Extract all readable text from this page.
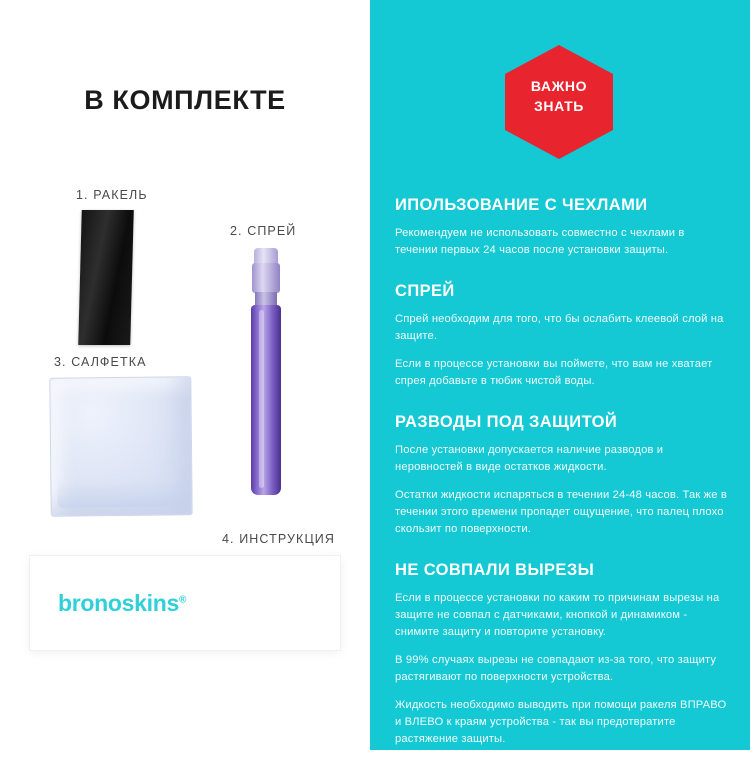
В КОМПЛЕКТЕ
1. РАКЕЛЬ
2. СПРЕЙ
3. САЛФЕТКА
4. ИНСТРУКЦИЯ
bronoskins®
ВАЖНО
ЗНАТЬ
ИПОЛЬЗОВАНИЕ С ЧЕХЛАМИ

Рекомендуем не использовать совместно с чехлами в течении первых 24 часов после установки защиты.

СПРЕЙ

Спрей необходим для того, что бы ослабить клеевой слой на защите.

Если в процессе установки вы поймете, что вам не хватает спрея добавьте в тюбик чистой воды.

РАЗВОДЫ ПОД ЗАЩИТОЙ

После установки допускается наличие разводов и неровностей в виде остатков жидкости.

Остатки жидкости испаряться в течении 24-48 часов. Так же в течении этого времени пропадет ощущение, что палец плохо скользит по поверхности.

НЕ СОВПАЛИ ВЫРЕЗЫ

Если в процессе установки по каким то причинам вырезы на защите не совпал с датчиками, кнопкой и динамиком - снимите защиту и повторите установку.

В 99% случаях вырезы не совпадают из-за того, что защиту растягивают по поверхности устройства.

Жидкость необходимо выводить при помощи ракеля ВПРАВО и ВЛЕВО к краям устройства - так вы предотвратите растяжение защиты.
